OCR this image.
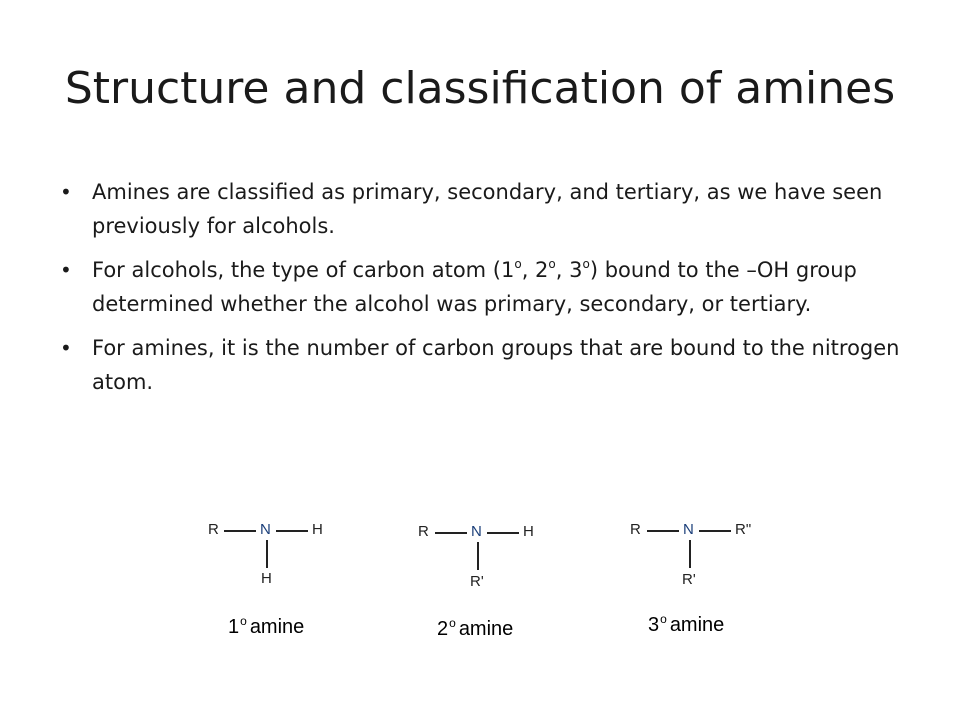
Structure and classification of amines
• Amines are classified as primary, secondary, and tertiary, as we have seen previously for alcohols.
• For alcohols, the type of carbon atom (1$^o$, 2$^o$, 3$^o$) bound to the –OH group determined whether the alcohol was primary, secondary, or tertiary.
• For amines, it is the number of carbon groups that are bound to the nitrogen atom.
R	N	H
H
1$^o$ amine
R	N	H
R'
2$^o$ amine
R	N	R"
R'
3$^o$ amine
